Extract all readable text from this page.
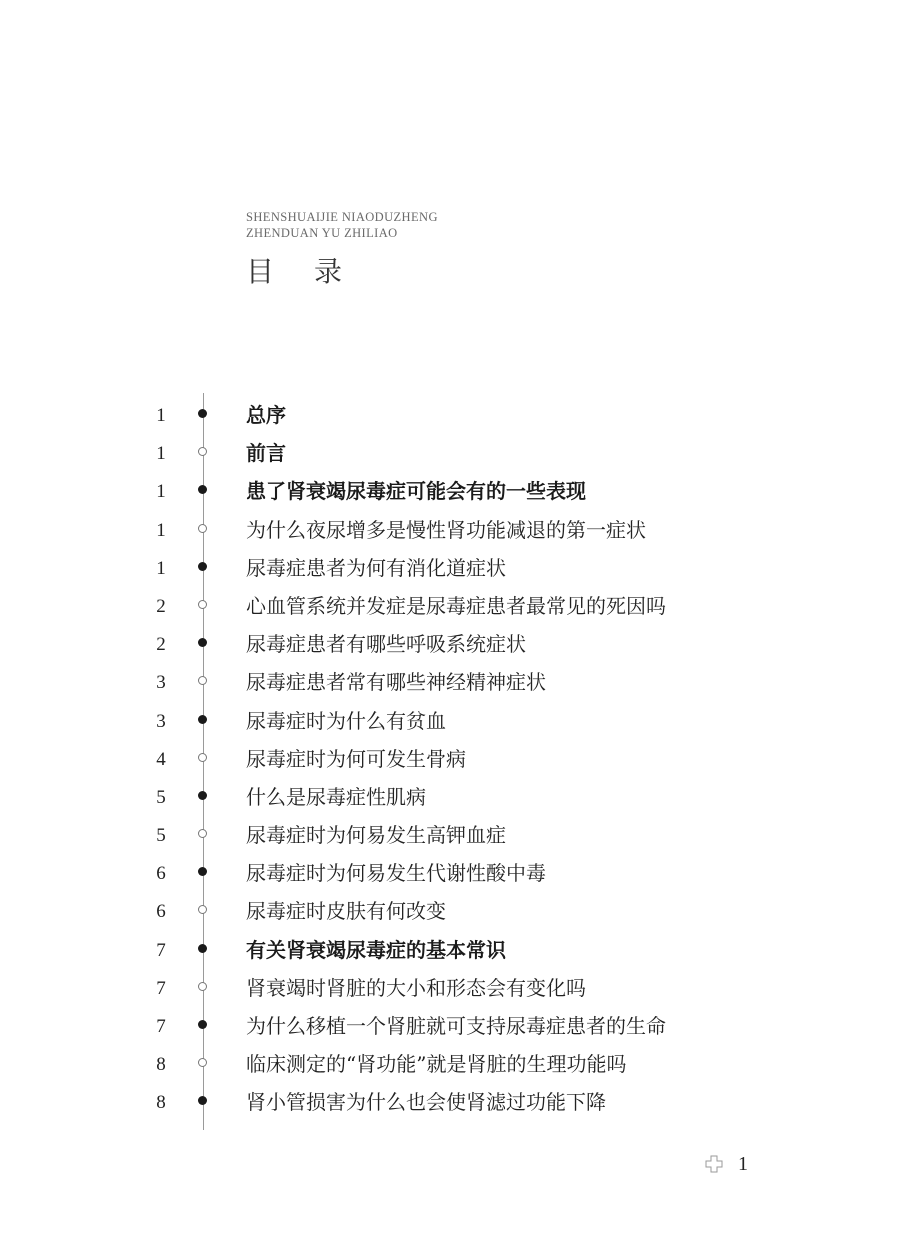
SHENSHUAIJIE NIAODUZHENG
ZHENDUAN YU ZHILIAO
目录
1	总序
1	前言
1	患了肾衰竭尿毒症可能会有的一些表现
1	为什么夜尿增多是慢性肾功能减退的第一症状
1	尿毒症患者为何有消化道症状
2	心血管系统并发症是尿毒症患者最常见的死因吗
2	尿毒症患者有哪些呼吸系统症状
3	尿毒症患者常有哪些神经精神症状
3	尿毒症时为什么有贫血
4	尿毒症时为何可发生骨病
5	什么是尿毒症性肌病
5	尿毒症时为何易发生高钾血症
6	尿毒症时为何易发生代谢性酸中毒
6	尿毒症时皮肤有何改变
7	有关肾衰竭尿毒症的基本常识
7	肾衰竭时肾脏的大小和形态会有变化吗
7	为什么移植一个肾脏就可支持尿毒症患者的生命
8	临床测定的“肾功能”就是肾脏的生理功能吗
8	肾小管损害为什么也会使肾滤过功能下降
1
